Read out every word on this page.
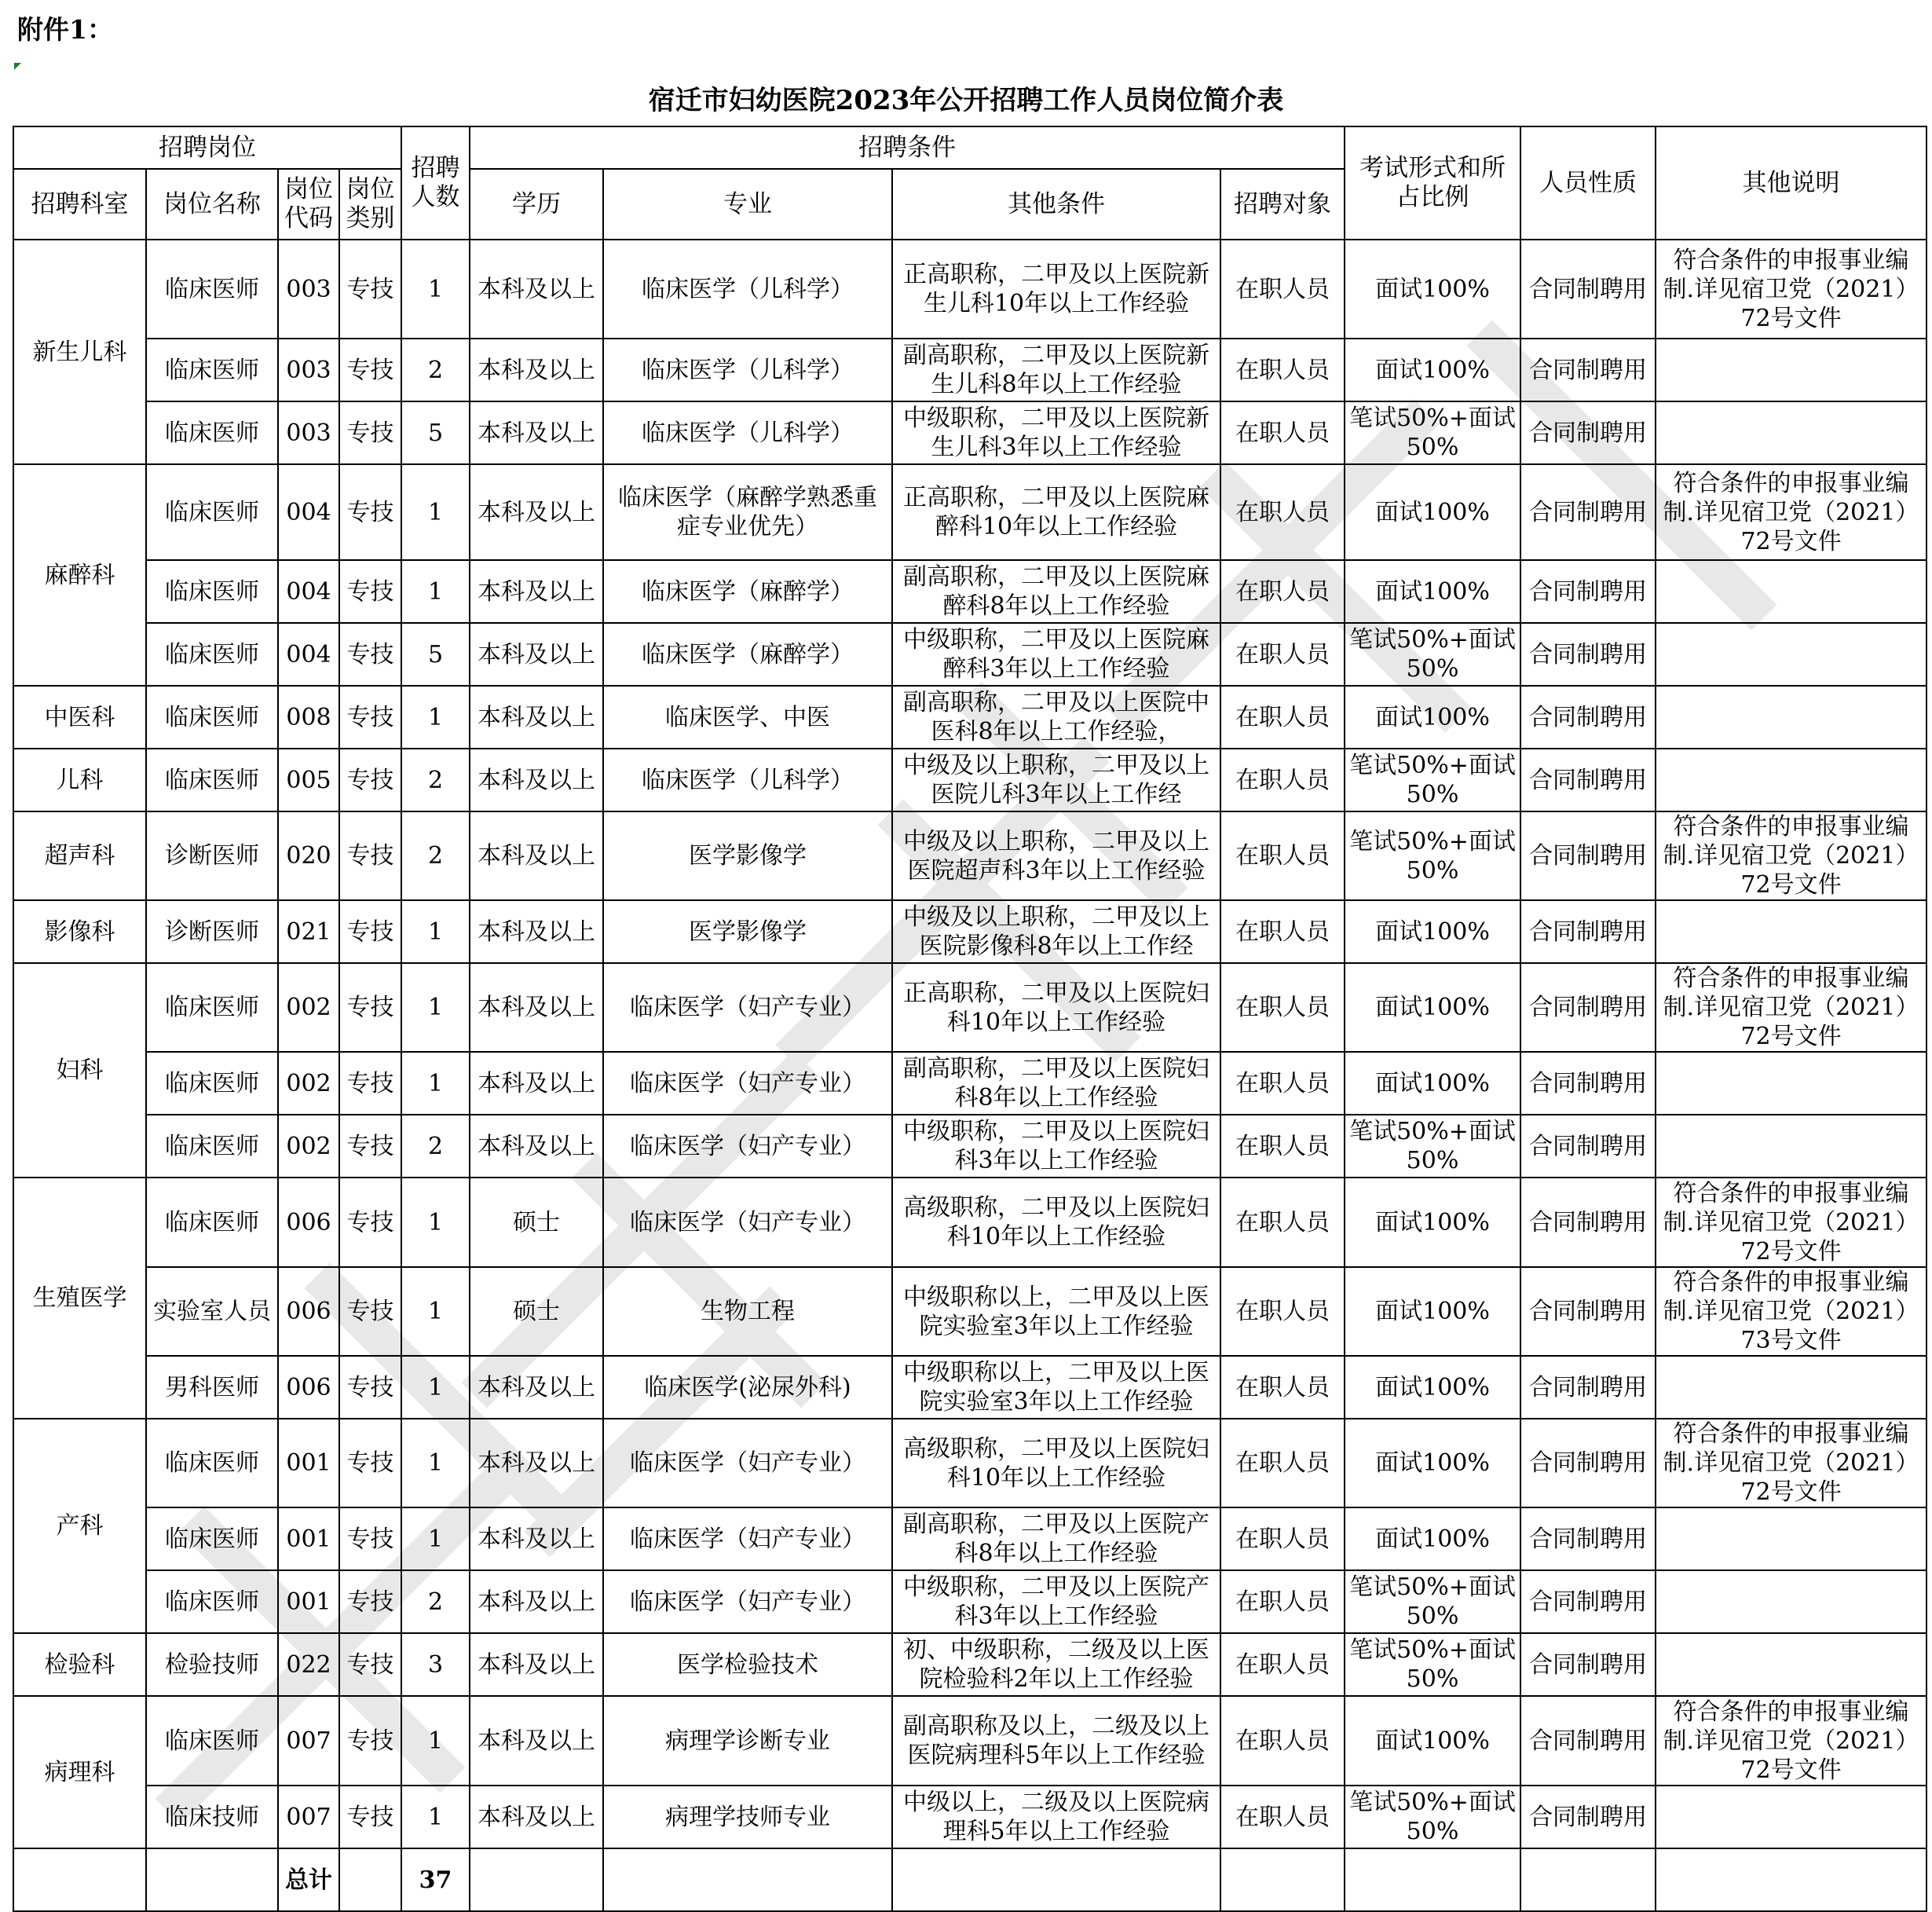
附件1：
宿迁市妇幼医院2023年公开招聘工作人员岗位简介表
招聘岗位				招聘人数	招聘条件				考试形式和所占比例	人员性质	其他说明
招聘科室	岗位名称	岗位代码	岗位类别		学历	专业	其他条件	招聘对象			
新生儿科	临床医师	003	专技	1	本科及以上	临床医学（儿科学）	正高职称，二甲及以上医院新生儿科10年以上工作经验	在职人员	面试100%	合同制聘用	符合条件的申报事业编制.详见宿卫党（2021）72号文件
	临床医师	003	专技	2	本科及以上	临床医学（儿科学）	副高职称，二甲及以上医院新生儿科8年以上工作经验	在职人员	面试100%	合同制聘用	
	临床医师	003	专技	5	本科及以上	临床医学（儿科学）	中级职称，二甲及以上医院新生儿科3年以上工作经验	在职人员	笔试50%+面试50%	合同制聘用	
麻醉科	临床医师	004	专技	1	本科及以上	临床医学（麻醉学熟悉重症专业优先）	正高职称，二甲及以上医院麻醉科10年以上工作经验	在职人员	面试100%	合同制聘用	符合条件的申报事业编制.详见宿卫党（2021）72号文件
	临床医师	004	专技	1	本科及以上	临床医学（麻醉学）	副高职称，二甲及以上医院麻醉科8年以上工作经验	在职人员	面试100%	合同制聘用	
	临床医师	004	专技	5	本科及以上	临床医学（麻醉学）	中级职称，二甲及以上医院麻醉科3年以上工作经验	在职人员	笔试50%+面试50%	合同制聘用	
中医科	临床医师	008	专技	1	本科及以上	临床医学、中医	副高职称，二甲及以上医院中医科8年以上工作经验，	在职人员	面试100%	合同制聘用	
儿科	临床医师	005	专技	2	本科及以上	临床医学（儿科学）	中级及以上职称，二甲及以上医院儿科3年以上工作经	在职人员	笔试50%+面试50%	合同制聘用	
超声科	诊断医师	020	专技	2	本科及以上	医学影像学	中级及以上职称，二甲及以上医院超声科3年以上工作经验	在职人员	笔试50%+面试50%	合同制聘用	符合条件的申报事业编制.详见宿卫党（2021）72号文件
影像科	诊断医师	021	专技	1	本科及以上	医学影像学	中级及以上职称，二甲及以上医院影像科8年以上工作经	在职人员	面试100%	合同制聘用	
妇科	临床医师	002	专技	1	本科及以上	临床医学（妇产专业）	正高职称，二甲及以上医院妇科10年以上工作经验	在职人员	面试100%	合同制聘用	符合条件的申报事业编制.详见宿卫党（2021）72号文件
	临床医师	002	专技	1	本科及以上	临床医学（妇产专业）	副高职称，二甲及以上医院妇科8年以上工作经验	在职人员	面试100%	合同制聘用	
	临床医师	002	专技	2	本科及以上	临床医学（妇产专业）	中级职称，二甲及以上医院妇科3年以上工作经验	在职人员	笔试50%+面试50%	合同制聘用	
生殖医学	临床医师	006	专技	1	硕士	临床医学（妇产专业）	高级职称，二甲及以上医院妇科10年以上工作经验	在职人员	面试100%	合同制聘用	符合条件的申报事业编制.详见宿卫党（2021）72号文件
	实验室人员	006	专技	1	硕士	生物工程	中级职称以上，二甲及以上医院实验室3年以上工作经验	在职人员	面试100%	合同制聘用	符合条件的申报事业编制.详见宿卫党（2021）73号文件
	男科医师	006	专技	1	本科及以上	临床医学(泌尿外科)	中级职称以上，二甲及以上医院实验室3年以上工作经验	在职人员	面试100%	合同制聘用	
产科	临床医师	001	专技	1	本科及以上	临床医学（妇产专业）	高级职称，二甲及以上医院妇科10年以上工作经验	在职人员	面试100%	合同制聘用	符合条件的申报事业编制.详见宿卫党（2021）72号文件
	临床医师	001	专技	1	本科及以上	临床医学（妇产专业）	副高职称，二甲及以上医院产科8年以上工作经验	在职人员	面试100%	合同制聘用	
	临床医师	001	专技	2	本科及以上	临床医学（妇产专业）	中级职称，二甲及以上医院产科3年以上工作经验	在职人员	笔试50%+面试50%	合同制聘用	
检验科	检验技师	022	专技	3	本科及以上	医学检验技术	初、中级职称，二级及以上医院检验科2年以上工作经验	在职人员	笔试50%+面试50%	合同制聘用	
病理科	临床医师	007	专技	1	本科及以上	病理学诊断专业	副高职称及以上，二级及以上医院病理科5年以上工作经验	在职人员	面试100%	合同制聘用	符合条件的申报事业编制.详见宿卫党（2021）72号文件
	临床技师	007	专技	1	本科及以上	病理学技师专业	中级以上，二级及以上医院病理科5年以上工作经验	在职人员	笔试50%+面试50%	合同制聘用	
		总计		37							
